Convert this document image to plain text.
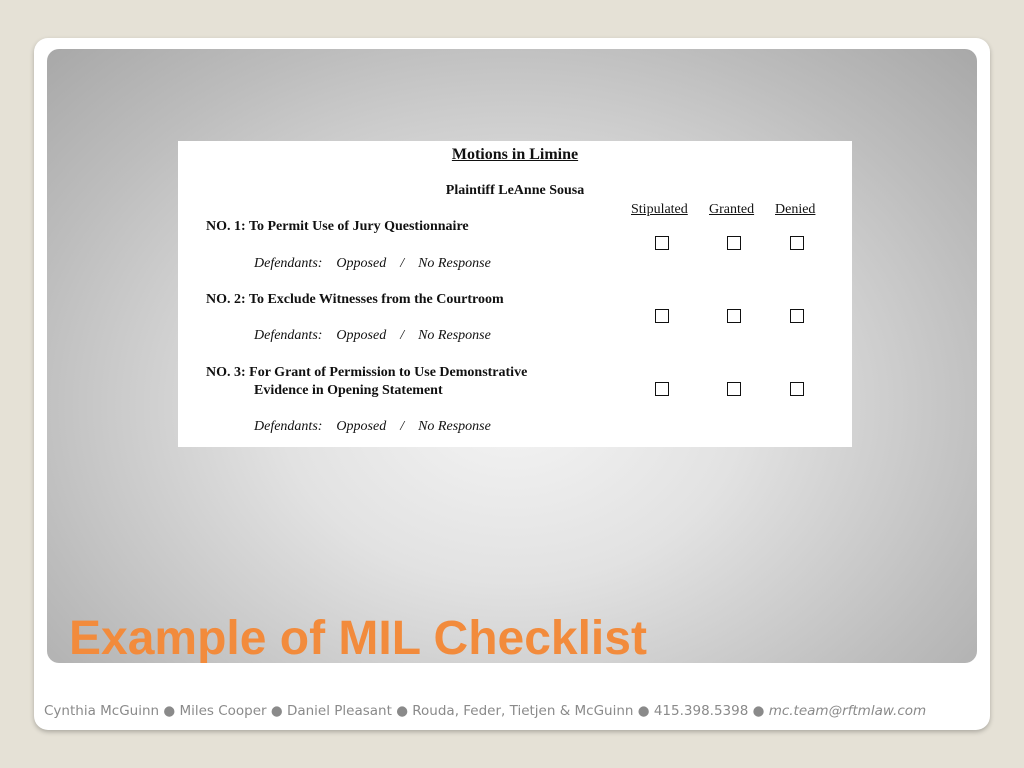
Motions in Limine
Plaintiff LeAnne Sousa
Stipulated Granted Denied
NO. 1: To Permit Use of Jury Questionnaire
Defendants:    Opposed    /    No Response
NO. 2: To Exclude Witnesses from the Courtroom
Defendants:    Opposed    /    No Response
NO. 3: For Grant of Permission to Use Demonstrative
Evidence in Opening Statement
Defendants:    Opposed    /    No Response
Example of MIL Checklist
Cynthia McGuinn ● Miles Cooper ● Daniel Pleasant ● Rouda, Feder, Tietjen & McGuinn ● 415.398.5398 ● mc.team@rftmlaw.com
